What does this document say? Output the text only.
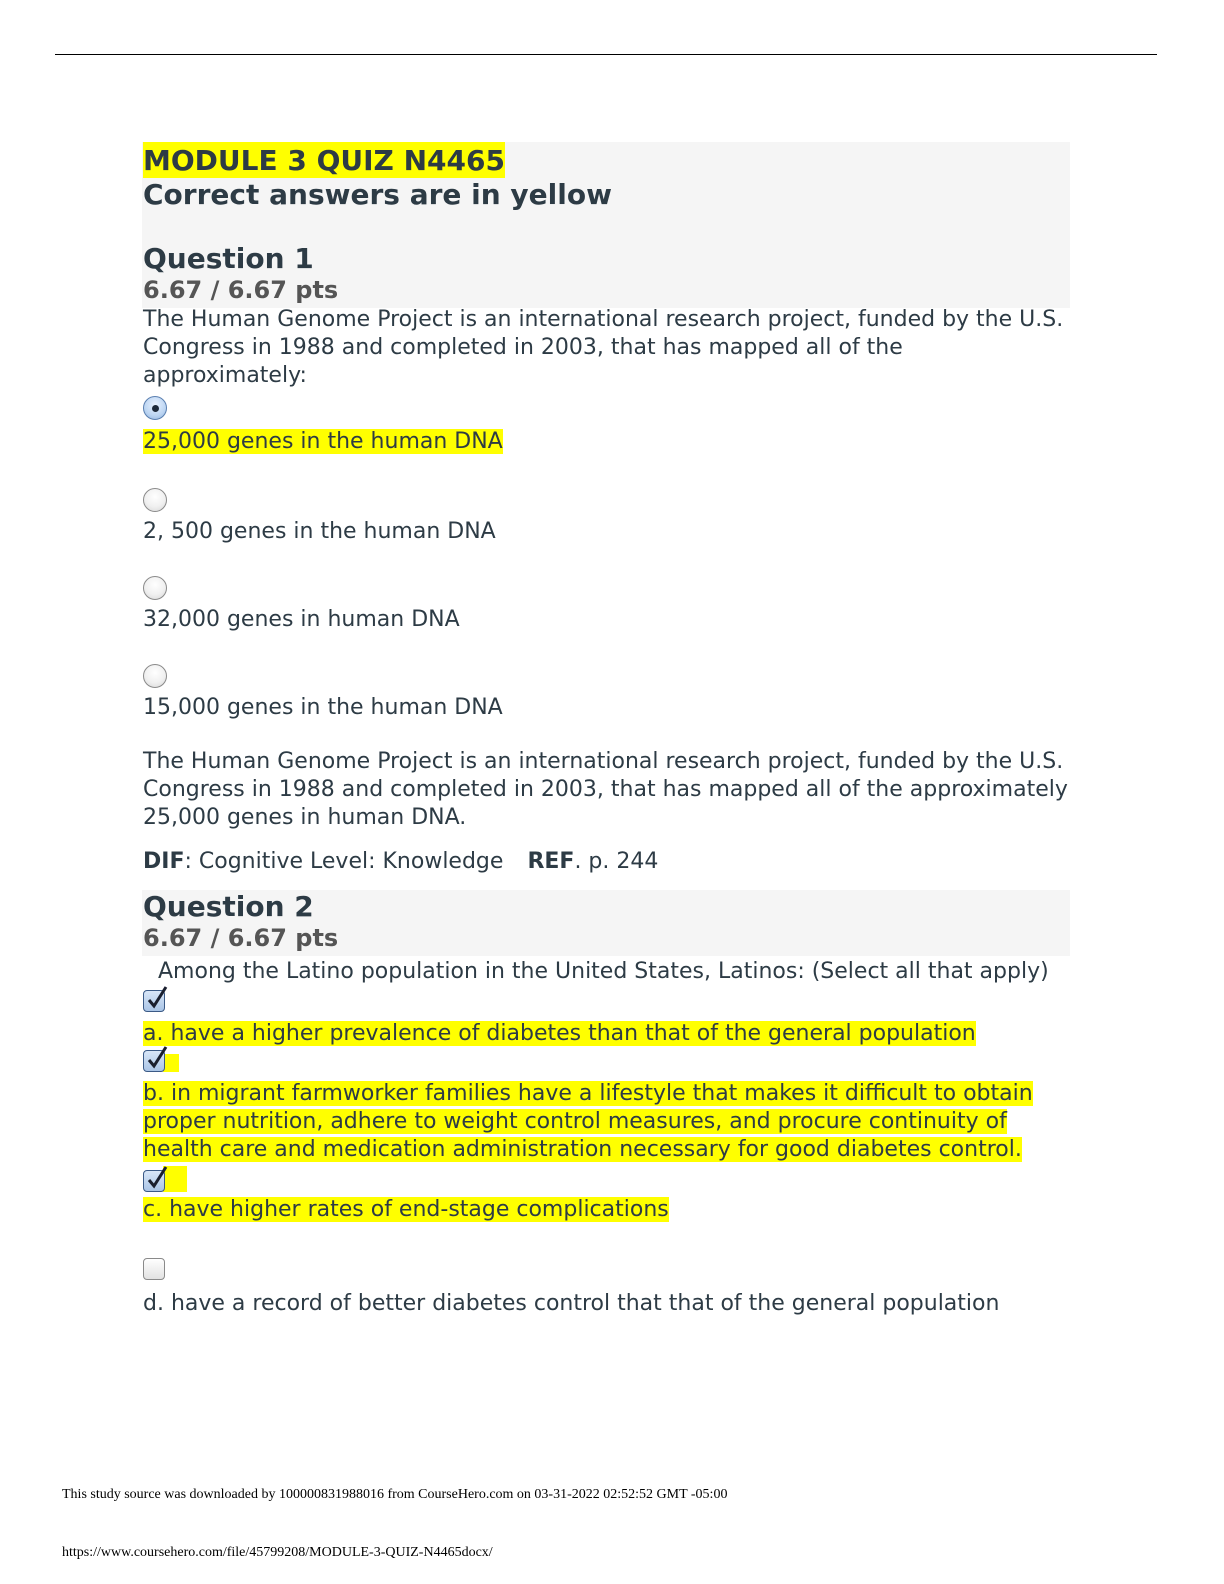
MODULE 3 QUIZ N4465
Correct answers are in yellow
Question 1
6.67 / 6.67 pts
The Human Genome Project is an international research project, funded by the U.S. Congress in 1988 and completed in 2003, that has mapped all of the approximately:
25,000 genes in the human DNA
2, 500 genes in the human DNA
32,000 genes in human DNA
15,000 genes in the human DNA
The Human Genome Project is an international research project, funded by the U.S. Congress in 1988 and completed in 2003, that has mapped all of the approximately 25,000 genes in human DNA.
DIF: Cognitive Level: Knowledge REF. p. 244
Question 2
6.67 / 6.67 pts
Among the Latino population in the United States, Latinos: (Select all that apply)
a. have a higher prevalence of diabetes than that of the general population
b. in migrant farmworker families have a lifestyle that makes it difficult to obtain proper nutrition, adhere to weight control measures, and procure continuity of health care and medication administration necessary for good diabetes control.
c. have higher rates of end-stage complications
d. have a record of better diabetes control that that of the general population
This study source was downloaded by 100000831988016 from CourseHero.com on 03-31-2022 02:52:52 GMT -05:00
https://www.coursehero.com/file/45799208/MODULE-3-QUIZ-N4465docx/
